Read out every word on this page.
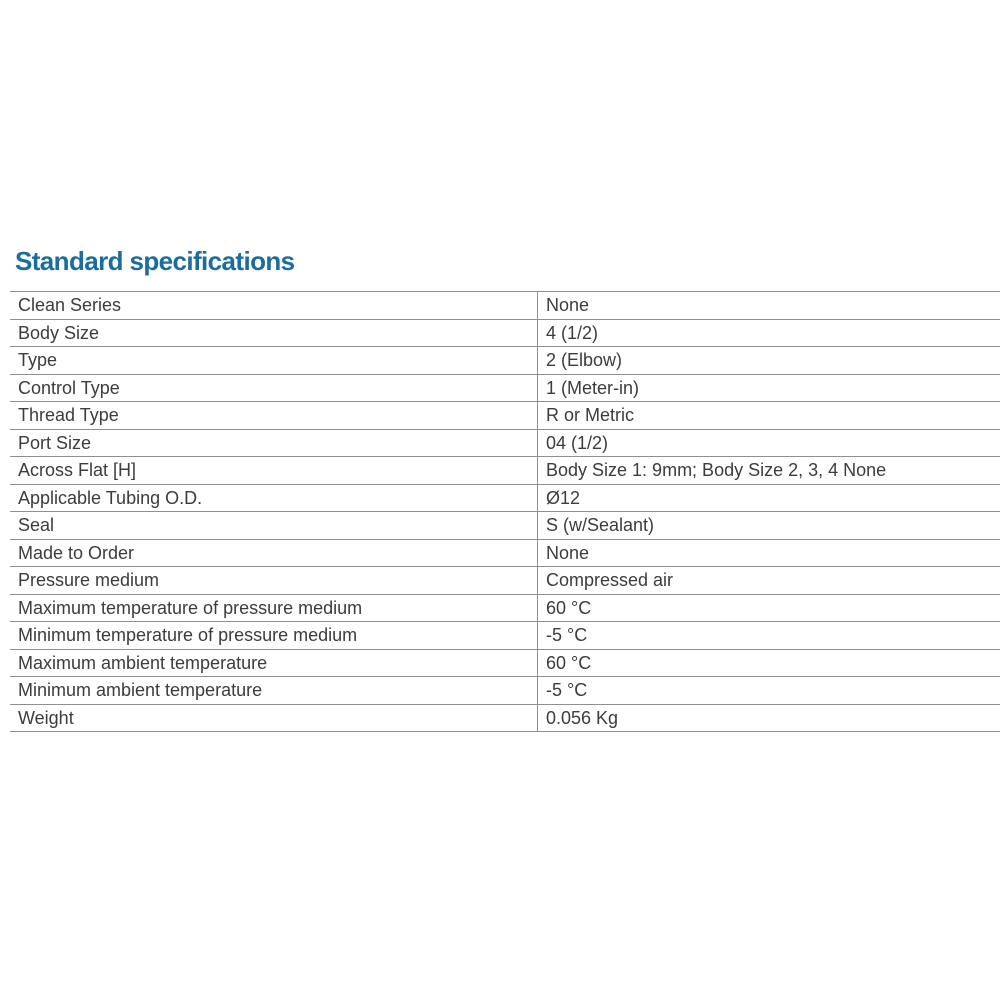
Standard specifications
Clean Series	None
Body Size	4 (1/2)
Type	2 (Elbow)
Control Type	1 (Meter-in)
Thread Type	R or Metric
Port Size	04 (1/2)
Across Flat [H]	Body Size 1: 9mm; Body Size 2, 3, 4 None
Applicable Tubing O.D.	Ø12
Seal	S (w/Sealant)
Made to Order	None
Pressure medium	Compressed air
Maximum temperature of pressure medium	60 °C
Minimum temperature of pressure medium	-5 °C
Maximum ambient temperature	60 °C
Minimum ambient temperature	-5 °C
Weight	0.056 Kg
